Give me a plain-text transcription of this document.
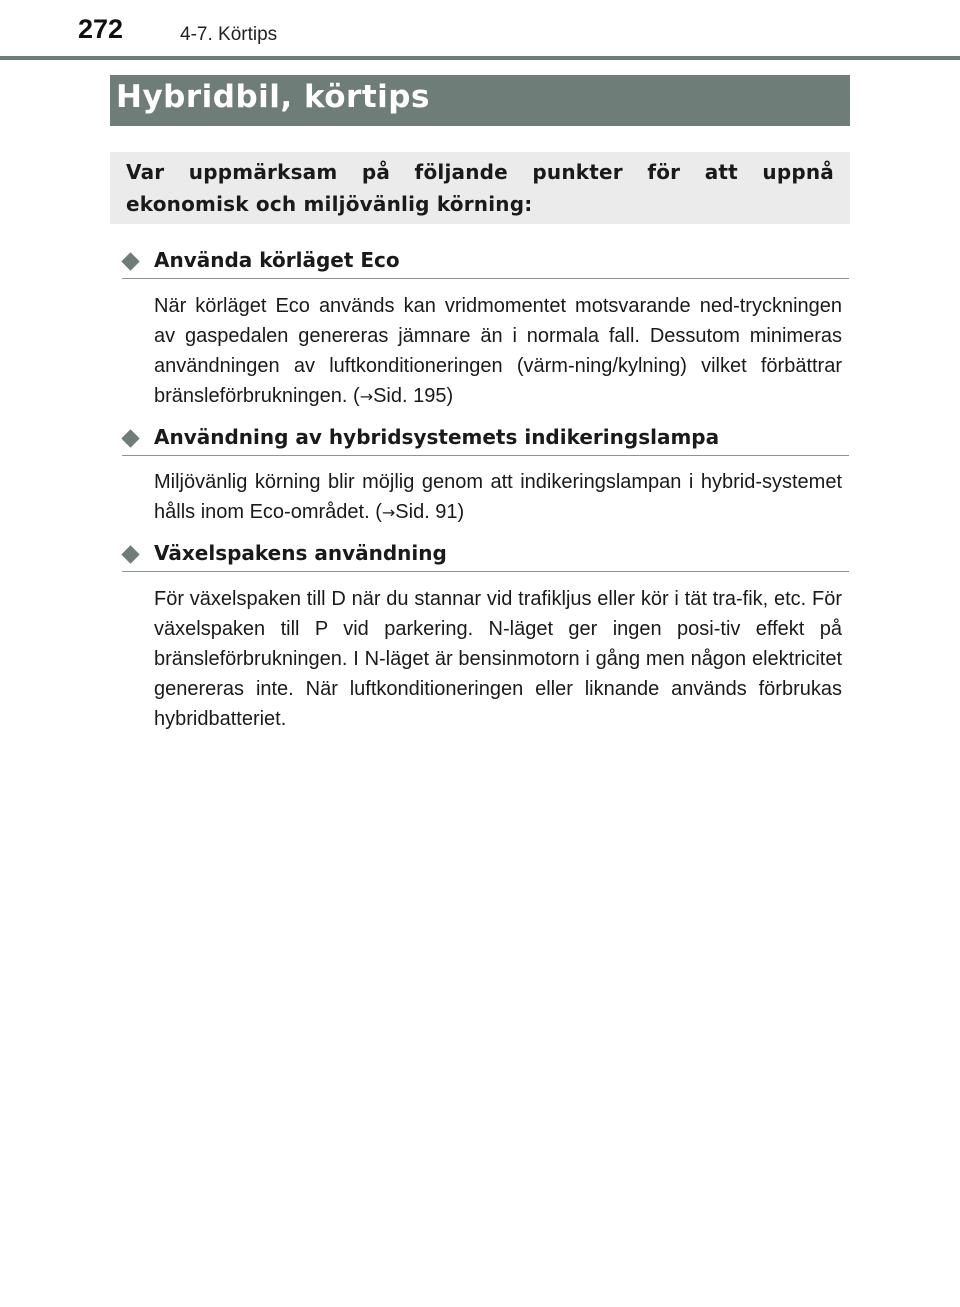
272	4-7. Körtips
Hybridbil, körtips
Var uppmärksam på följande punkter för att uppnå ekonomisk och miljövänlig körning:
Använda körläget Eco
När körläget Eco används kan vridmomentet motsvarande ned-tryckningen av gaspedalen genereras jämnare än i normala fall. Dessutom minimeras användningen av luftkonditioneringen (värm-ning/kylning) vilket förbättrar bränsleförbrukningen. (→Sid. 195)
Användning av hybridsystemets indikeringslampa
Miljövänlig körning blir möjlig genom att indikeringslampan i hybrid-systemet hålls inom Eco-området. (→Sid. 91)
Växelspakens användning
För växelspaken till D när du stannar vid trafikljus eller kör i tät tra-fik, etc. För växelspaken till P vid parkering. N-läget ger ingen posi-tiv effekt på bränsleförbrukningen. I N-läget är bensinmotorn i gång men någon elektricitet genereras inte. När luftkonditioneringen eller liknande används förbrukas hybridbatteriet.
